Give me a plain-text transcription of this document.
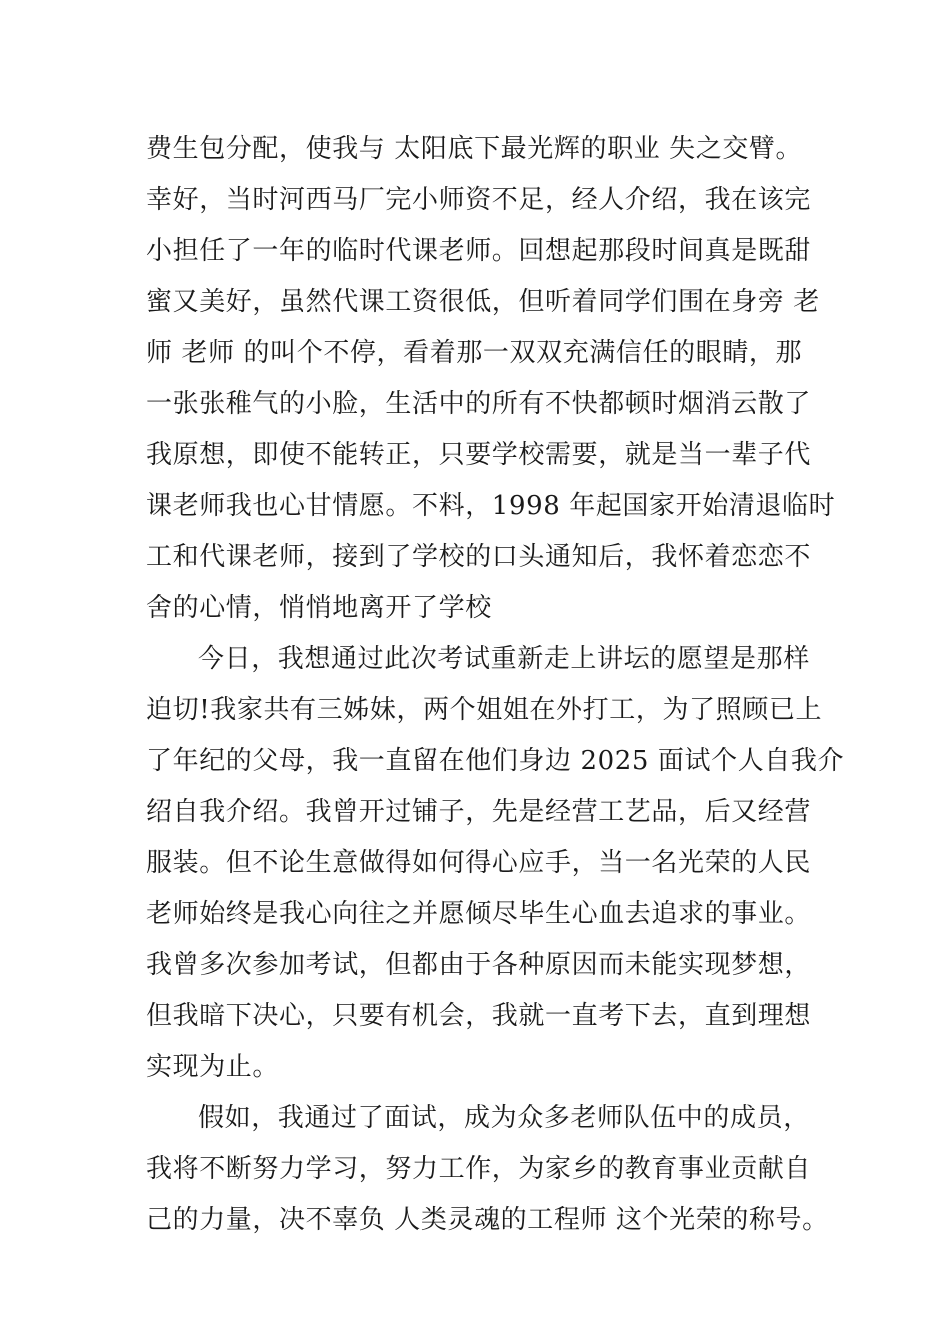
费生包分配，使我与 太阳底下最光辉的职业 失之交臂。
幸好，当时河西马厂完小师资不足，经人介绍，我在该完
小担任了一年的临时代课老师。回想起那段时间真是既甜
蜜又美好，虽然代课工资很低，但听着同学们围在身旁 老
师 老师 的叫个不停，看着那一双双充满信任的眼睛，那
一张张稚气的小脸，生活中的所有不快都顿时烟消云散了
我原想，即使不能转正，只要学校需要，就是当一辈子代
课老师我也心甘情愿。不料，1998 年起国家开始清退临时
工和代课老师，接到了学校的口头通知后，我怀着恋恋不
舍的心情，悄悄地离开了学校
今日，我想通过此次考试重新走上讲坛的愿望是那样
迫切!我家共有三姊妹，两个姐姐在外打工，为了照顾已上
了年纪的父母，我一直留在他们身边 2025 面试个人自我介
绍自我介绍。我曾开过铺子，先是经营工艺品，后又经营
服装。但不论生意做得如何得心应手，当一名光荣的人民
老师始终是我心向往之并愿倾尽毕生心血去追求的事业。
我曾多次参加考试，但都由于各种原因而未能实现梦想，
但我暗下决心，只要有机会，我就一直考下去，直到理想
实现为止。
假如，我通过了面试，成为众多老师队伍中的成员，
我将不断努力学习，努力工作，为家乡的教育事业贡献自
己的力量，决不辜负 人类灵魂的工程师 这个光荣的称号。
